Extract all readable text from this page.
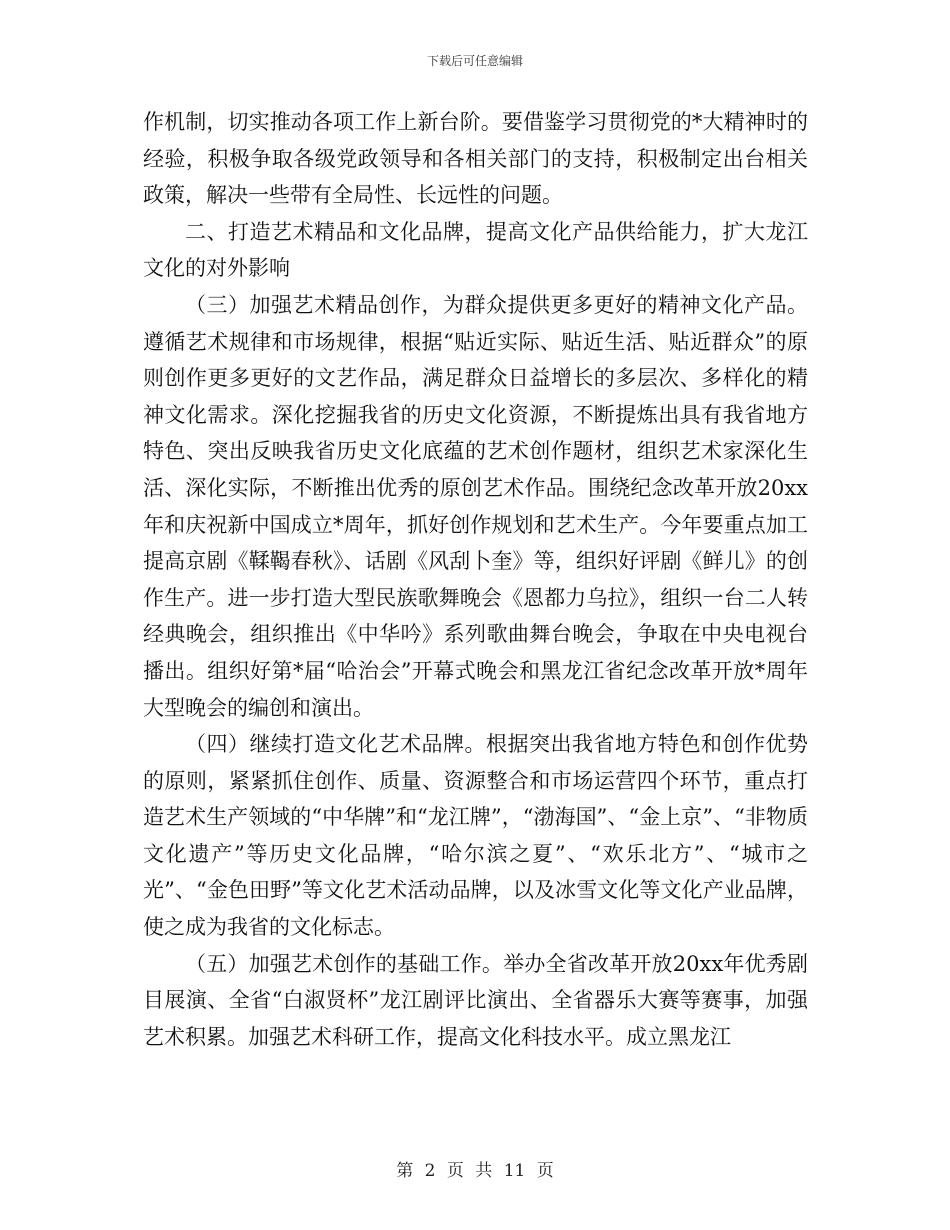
下载后可任意编辑

作机制，切实推动各项工作上新台阶。要借鉴学习贯彻党的*大精神时的经验，积极争取各级党政领导和各相关部门的支持，积极制定出台相关政策，解决一些带有全局性、长远性的问题。

二、打造艺术精品和文化品牌，提高文化产品供给能力，扩大龙江文化的对外影响

（三）加强艺术精品创作，为群众提供更多更好的精神文化产品。遵循艺术规律和市场规律，根据“贴近实际、贴近生活、贴近群众”的原则创作更多更好的文艺作品，满足群众日益增长的多层次、多样化的精神文化需求。深化挖掘我省的历史文化资源，不断提炼出具有我省地方特色、突出反映我省历史文化底蕴的艺术创作题材，组织艺术家深化生活、深化实际，不断推出优秀的原创艺术作品。围绕纪念改革开放20xx年和庆祝新中国成立*周年，抓好创作规划和艺术生产。今年要重点加工提高京剧《鞣鞨春秋》、话剧《风刮卜奎》等，组织好评剧《鲜儿》的创作生产。进一步打造大型民族歌舞晚会《恩都力乌拉》，组织一台二人转经典晚会，组织推出《中华吟》系列歌曲舞台晚会，争取在中央电视台播出。组织好第*届“哈治会”开幕式晚会和黑龙江省纪念改革开放*周年大型晚会的编创和演出。

（四）继续打造文化艺术品牌。根据突出我省地方特色和创作优势的原则，紧紧抓住创作、质量、资源整合和市场运营四个环节，重点打造艺术生产领域的“中华牌”和“龙江牌”，“渤海国”、“金上京”、“非物质文化遗产”等历史文化品牌，“哈尔滨之夏”、“欢乐北方”、“城市之光”、“金色田野”等文化艺术活动品牌，以及冰雪文化等文化产业品牌，使之成为我省的文化标志。

（五）加强艺术创作的基础工作。举办全省改革开放20xx年优秀剧目展演、全省“白淑贤杯”龙江剧评比演出、全省器乐大赛等赛事，加强艺术积累。加强艺术科研工作，提高文化科技水平。成立黑龙江

第 2 页 共 11 页
